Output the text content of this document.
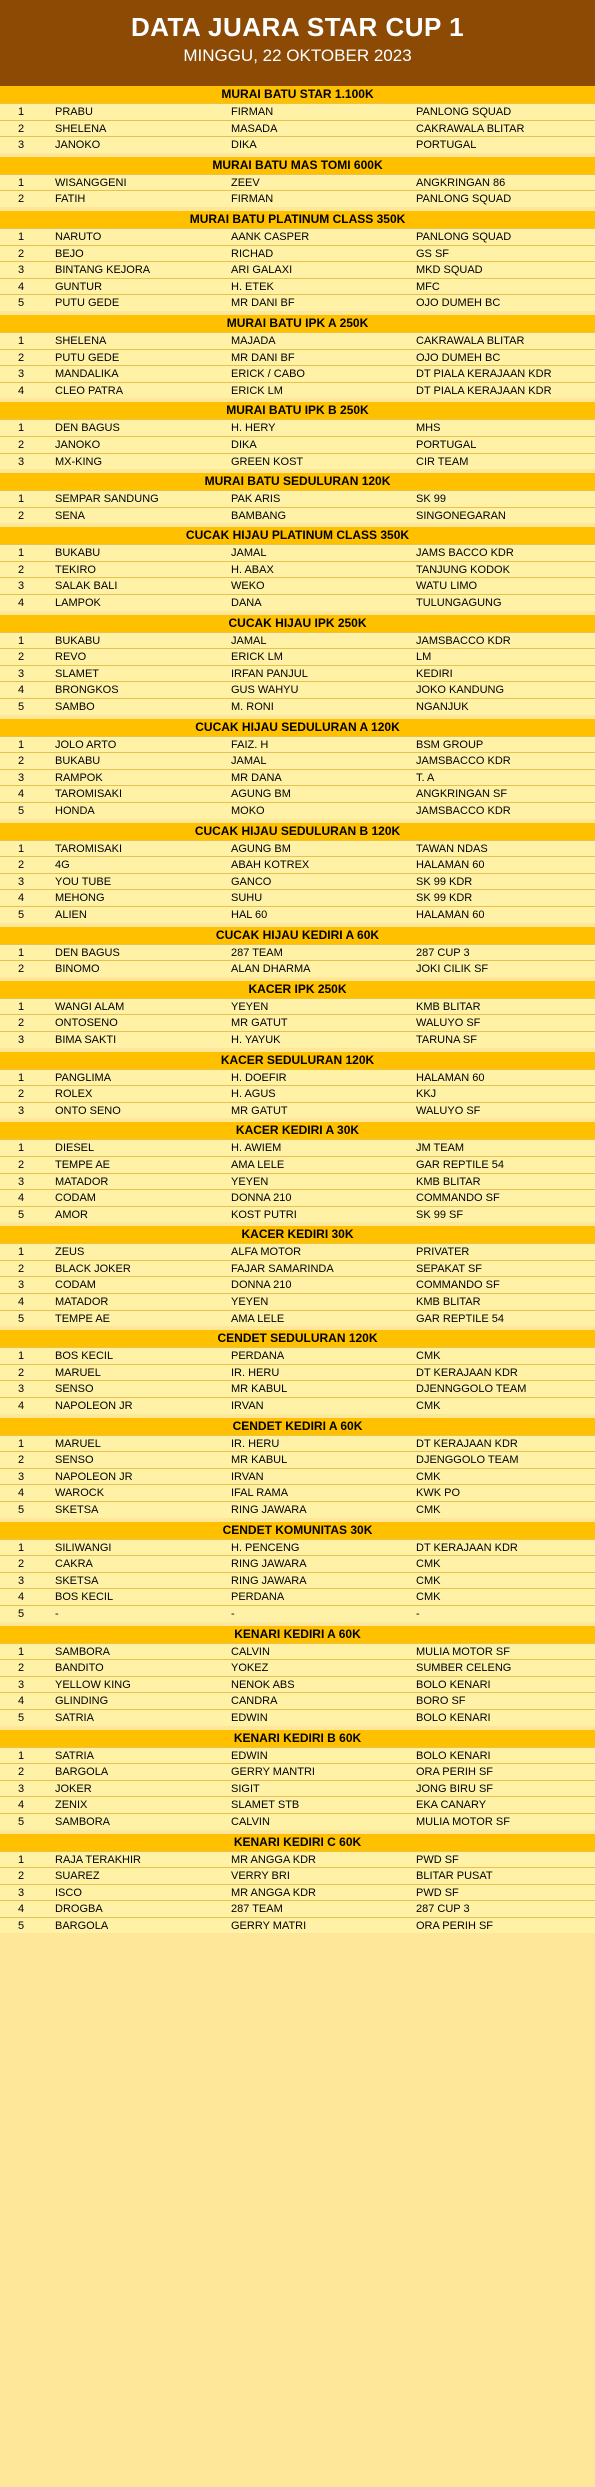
DATA JUARA STAR CUP 1
MINGGU, 22 OKTOBER 2023
MURAI BATU STAR 1.100K
1	PRABU	FIRMAN	PANLONG SQUAD
2	SHELENA	MASADA	CAKRAWALA BLITAR
3	JANOKO	DIKA	PORTUGAL
MURAI BATU MAS TOMI 600K
1	WISANGGENI	ZEEV	ANGKRINGAN 86
2	FATIH	FIRMAN	PANLONG SQUAD
MURAI BATU PLATINUM CLASS 350K
1	NARUTO	AANK CASPER	PANLONG SQUAD
2	BEJO	RICHAD	GS SF
3	BINTANG KEJORA	ARI GALAXI	MKD SQUAD
4	GUNTUR	H. ETEK	MFC
5	PUTU GEDE	MR DANI BF	OJO DUMEH BC
MURAI BATU IPK A 250K
1	SHELENA	MAJADA	CAKRAWALA BLITAR
2	PUTU GEDE	MR DANI BF	OJO DUMEH BC
3	MANDALIKA	ERICK / CABO	DT PIALA KERAJAAN KDR
4	CLEO PATRA	ERICK LM	DT PIALA KERAJAAN KDR
MURAI BATU IPK B 250K
1	DEN BAGUS	H. HERY	MHS
2	JANOKO	DIKA	PORTUGAL
3	MX-KING	GREEN KOST	CIR TEAM
MURAI BATU SEDULURAN 120K
1	SEMPAR SANDUNG	PAK ARIS	SK 99
2	SENA	BAMBANG	SINGONEGARAN
CUCAK HIJAU PLATINUM CLASS 350K
1	BUKABU	JAMAL	JAMS BACCO KDR
2	TEKIRO	H. ABAX	TANJUNG KODOK
3	SALAK BALI	WEKO	WATU LIMO
4	LAMPOK	DANA	TULUNGAGUNG
CUCAK HIJAU IPK 250K
1	BUKABU	JAMAL	JAMSBACCO KDR
2	REVO	ERICK LM	LM
3	SLAMET	IRFAN PANJUL	KEDIRI
4	BRONGKOS	GUS WAHYU	JOKO KANDUNG
5	SAMBO	M. RONI	NGANJUK
CUCAK HIJAU SEDULURAN A 120K
1	JOLO ARTO	FAIZ. H	BSM GROUP
2	BUKABU	JAMAL	JAMSBACCO KDR
3	RAMPOK	MR DANA	T. A
4	TAROMISAKI	AGUNG BM	ANGKRINGAN SF
5	HONDA	MOKO	JAMSBACCO KDR
CUCAK HIJAU SEDULURAN B 120K
1	TAROMISAKI	AGUNG BM	TAWAN NDAS
2	4G	ABAH KOTREX	HALAMAN 60
3	YOU TUBE	GANCO	SK 99 KDR
4	MEHONG	SUHU	SK 99 KDR
5	ALIEN	HAL 60	HALAMAN 60
CUCAK HIJAU KEDIRI A 60K
1	DEN BAGUS	287 TEAM	287 CUP 3
2	BINOMO	ALAN DHARMA	JOKI CILIK SF
KACER IPK 250K
1	WANGI ALAM	YEYEN	KMB BLITAR
2	ONTOSENO	MR GATUT	WALUYO SF
3	BIMA SAKTI	H. YAYUK	TARUNA SF
KACER SEDULURAN 120K
1	PANGLIMA	H. DOEFIR	HALAMAN 60
2	ROLEX	H. AGUS	KKJ
3	ONTO SENO	MR GATUT	WALUYO SF
KACER KEDIRI A 30K
1	DIESEL	H. AWIEM	JM TEAM
2	TEMPE AE	AMA LELE	GAR REPTILE 54
3	MATADOR	YEYEN	KMB BLITAR
4	CODAM	DONNA 210	COMMANDO SF
5	AMOR	KOST PUTRI	SK 99 SF
KACER KEDIRI 30K
1	ZEUS	ALFA MOTOR	PRIVATER
2	BLACK JOKER	FAJAR SAMARINDA	SEPAKAT SF
3	CODAM	DONNA 210	COMMANDO SF
4	MATADOR	YEYEN	KMB BLITAR
5	TEMPE AE	AMA LELE	GAR REPTILE 54
CENDET SEDULURAN 120K
1	BOS KECIL	PERDANA	CMK
2	MARUEL	IR. HERU	DT KERAJAAN KDR
3	SENSO	MR KABUL	DJENNGGOLO TEAM
4	NAPOLEON JR	IRVAN	CMK
CENDET KEDIRI A 60K
1	MARUEL	IR. HERU	DT KERAJAAN KDR
2	SENSO	MR KABUL	DJENGGOLO TEAM
3	NAPOLEON JR	IRVAN	CMK
4	WAROCK	IFAL RAMA	KWK PO
5	SKETSA	RING JAWARA	CMK
CENDET KOMUNITAS 30K
1	SILIWANGI	H. PENCENG	DT KERAJAAN KDR
2	CAKRA	RING JAWARA	CMK
3	SKETSA	RING JAWARA	CMK
4	BOS KECIL	PERDANA	CMK
5	-	-	-
KENARI KEDIRI A 60K
1	SAMBORA	CALVIN	MULIA MOTOR SF
2	BANDITO	YOKEZ	SUMBER CELENG
3	YELLOW KING	NENOK ABS	BOLO KENARI
4	GLINDING	CANDRA	BORO SF
5	SATRIA	EDWIN	BOLO KENARI
KENARI KEDIRI B 60K
1	SATRIA	EDWIN	BOLO KENARI
2	BARGOLA	GERRY MANTRI	ORA PERIH SF
3	JOKER	SIGIT	JONG BIRU SF
4	ZENIX	SLAMET STB	EKA CANARY
5	SAMBORA	CALVIN	MULIA MOTOR SF
KENARI KEDIRI C 60K
1	RAJA TERAKHIR	MR ANGGA KDR	PWD SF
2	SUAREZ	VERRY BRI	BLITAR PUSAT
3	ISCO	MR ANGGA KDR	PWD SF
4	DROGBA	287 TEAM	287 CUP 3
5	BARGOLA	GERRY MATRI	ORA PERIH SF
